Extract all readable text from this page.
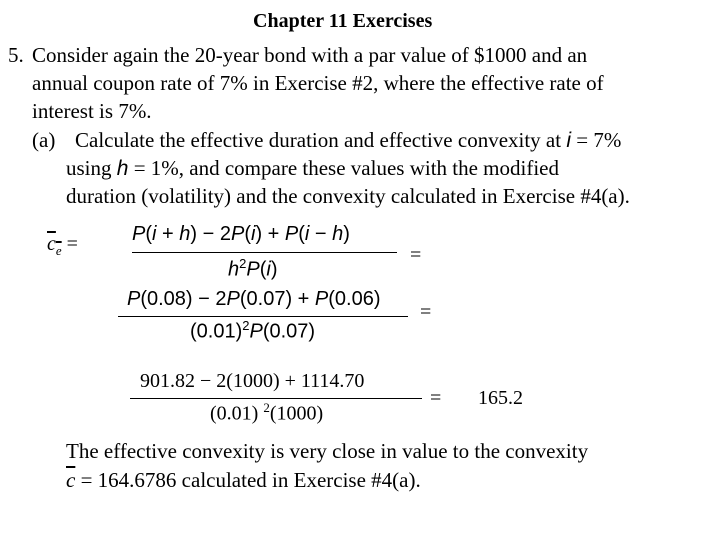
Chapter 11 Exercises
5. Consider again the 20-year bond with a par value of $1000 and an
annual coupon rate of 7% in Exercise #2, where the effective rate of
interest is 7%.
(a) Calculate the effective duration and effective convexity at i = 7%
using h = 1%, and compare these values with the modified
duration (volatility) and the convexity calculated in Exercise #4(a).
$c_e$ =	P(i + h) − 2P(i) + P(i − h)
$h^2P(i)$
=
P(0.08) − 2P(0.07) + P(0.06)
$(0.01)^2P(0.07)$
=
901.82 − 2(1000) + 1114.70
(0.01) $^2$(1000)
= 165.2
The effective convexity is very close in value to the convexity
$\overline{c} = 164.6786$ calculated in Exercise #4(a).
